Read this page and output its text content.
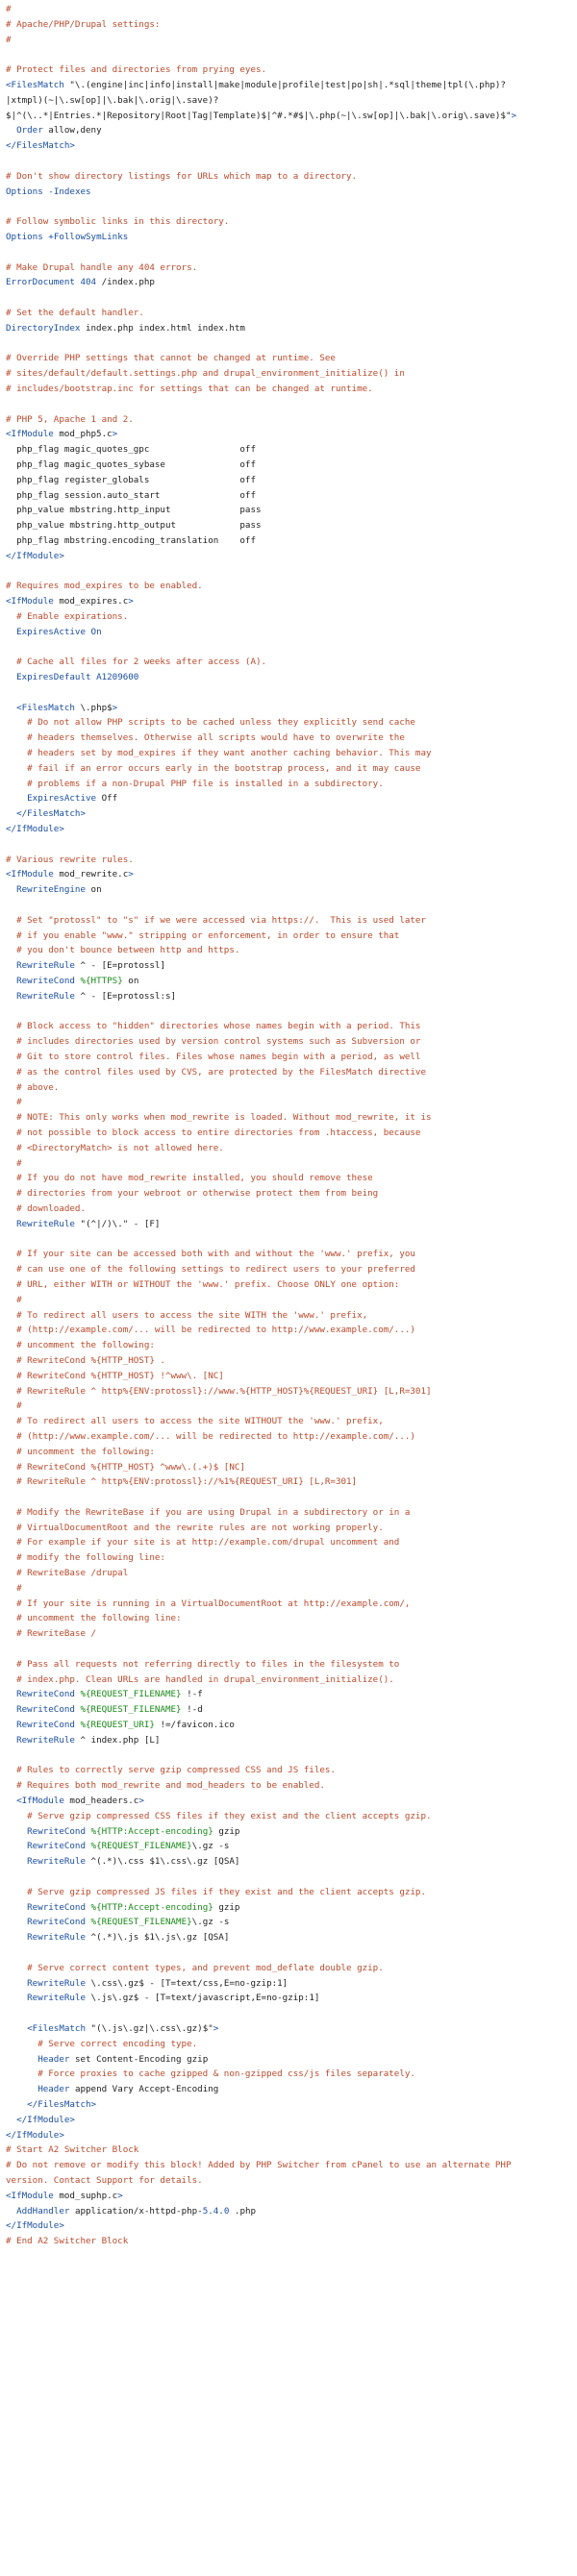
#
# Apache/PHP/Drupal settings:
#

# Protect files and directories from prying eyes.
<FilesMatch "\.(engine|inc|info|install|make|module|profile|test|po|sh|.*sql|theme|tpl(\.php)?
|xtmpl)(~|\.sw[op]|\.bak|\.orig|\.save)?
$|^(\..*|Entries.*|Repository|Root|Tag|Template)$|^#.*#$|\.php(~|\.sw[op]|\.bak|\.orig\.save)$">
Order allow,deny
</FilesMatch>

# Don't show directory listings for URLs which map to a directory.
Options -Indexes

# Follow symbolic links in this directory.
Options +FollowSymLinks

# Make Drupal handle any 404 errors.
ErrorDocument 404 /index.php

# Set the default handler.
DirectoryIndex index.php index.html index.htm

# Override PHP settings that cannot be changed at runtime. See
# sites/default/default.settings.php and drupal_environment_initialize() in
# includes/bootstrap.inc for settings that can be changed at runtime.

# PHP 5, Apache 1 and 2.
<IfModule mod_php5.c>
php_flag magic_quotes_gpc                 off
php_flag magic_quotes_sybase              off
php_flag register_globals                 off
php_flag session.auto_start               off
php_value mbstring.http_input             pass
php_value mbstring.http_output            pass
php_flag mbstring.encoding_translation    off
</IfModule>

# Requires mod_expires to be enabled.
<IfModule mod_expires.c>
# Enable expirations.
ExpiresActive On

# Cache all files for 2 weeks after access (A).
ExpiresDefault A1209600

<FilesMatch \.php$>
# Do not allow PHP scripts to be cached unless they explicitly send cache
# headers themselves. Otherwise all scripts would have to overwrite the
# headers set by mod_expires if they want another caching behavior. This may
# fail if an error occurs early in the bootstrap process, and it may cause
# problems if a non-Drupal PHP file is installed in a subdirectory.
ExpiresActive Off
</FilesMatch>
</IfModule>

# Various rewrite rules.
<IfModule mod_rewrite.c>
RewriteEngine on

# Set "protossl" to "s" if we were accessed via https://.  This is used later
# if you enable "www." stripping or enforcement, in order to ensure that
# you don't bounce between http and https.
RewriteRule ^ - [E=protossl]
RewriteCond %{HTTPS} on
RewriteRule ^ - [E=protossl:s]

# Block access to "hidden" directories whose names begin with a period. This
# includes directories used by version control systems such as Subversion or
# Git to store control files. Files whose names begin with a period, as well
# as the control files used by CVS, are protected by the FilesMatch directive
# above.
#
# NOTE: This only works when mod_rewrite is loaded. Without mod_rewrite, it is
# not possible to block access to entire directories from .htaccess, because
# <DirectoryMatch> is not allowed here.
#
# If you do not have mod_rewrite installed, you should remove these
# directories from your webroot or otherwise protect them from being
# downloaded.
RewriteRule "(^|/)\." - [F]

# If your site can be accessed both with and without the 'www.' prefix, you
# can use one of the following settings to redirect users to your preferred
# URL, either WITH or WITHOUT the 'www.' prefix. Choose ONLY one option:
#
# To redirect all users to access the site WITH the 'www.' prefix,
# (http://example.com/... will be redirected to http://www.example.com/...)
# uncomment the following:
# RewriteCond %{HTTP_HOST} .
# RewriteCond %{HTTP_HOST} !^www\. [NC]
# RewriteRule ^ http%{ENV:protossl}://www.%{HTTP_HOST}%{REQUEST_URI} [L,R=301]
#
# To redirect all users to access the site WITHOUT the 'www.' prefix,
# (http://www.example.com/... will be redirected to http://example.com/...)
# uncomment the following:
# RewriteCond %{HTTP_HOST} ^www\.(.+)$ [NC]
# RewriteRule ^ http%{ENV:protossl}://%1%{REQUEST_URI} [L,R=301]

# Modify the RewriteBase if you are using Drupal in a subdirectory or in a
# VirtualDocumentRoot and the rewrite rules are not working properly.
# For example if your site is at http://example.com/drupal uncomment and
# modify the following line:
# RewriteBase /drupal
#
# If your site is running in a VirtualDocumentRoot at http://example.com/,
# uncomment the following line:
# RewriteBase /

# Pass all requests not referring directly to files in the filesystem to
# index.php. Clean URLs are handled in drupal_environment_initialize().
RewriteCond %{REQUEST_FILENAME} !-f
RewriteCond %{REQUEST_FILENAME} !-d
RewriteCond %{REQUEST_URI} !=/favicon.ico
RewriteRule ^ index.php [L]

# Rules to correctly serve gzip compressed CSS and JS files.
# Requires both mod_rewrite and mod_headers to be enabled.
<IfModule mod_headers.c>
# Serve gzip compressed CSS files if they exist and the client accepts gzip.
RewriteCond %{HTTP:Accept-encoding} gzip
RewriteCond %{REQUEST_FILENAME}\.gz -s
RewriteRule ^(.*)\.css $1\.css\.gz [QSA]

# Serve gzip compressed JS files if they exist and the client accepts gzip.
RewriteCond %{HTTP:Accept-encoding} gzip
RewriteCond %{REQUEST_FILENAME}\.gz -s
RewriteRule ^(.*)\.js $1\.js\.gz [QSA]

# Serve correct content types, and prevent mod_deflate double gzip.
RewriteRule \.css\.gz$ - [T=text/css,E=no-gzip:1]
RewriteRule \.js\.gz$ - [T=text/javascript,E=no-gzip:1]

<FilesMatch "(\.js\.gz|\.css\.gz)$">
# Serve correct encoding type.
Header set Content-Encoding gzip
# Force proxies to cache gzipped & non-gzipped css/js files separately.
Header append Vary Accept-Encoding
</FilesMatch>
</IfModule>
</IfModule>
# Start A2 Switcher Block
# Do not remove or modify this block! Added by PHP Switcher from cPanel to use an alternate PHP
version. Contact Support for details.
<IfModule mod_suphp.c>
AddHandler application/x-httpd-php-5.4.0 .php
</IfModule>
# End A2 Switcher Block
